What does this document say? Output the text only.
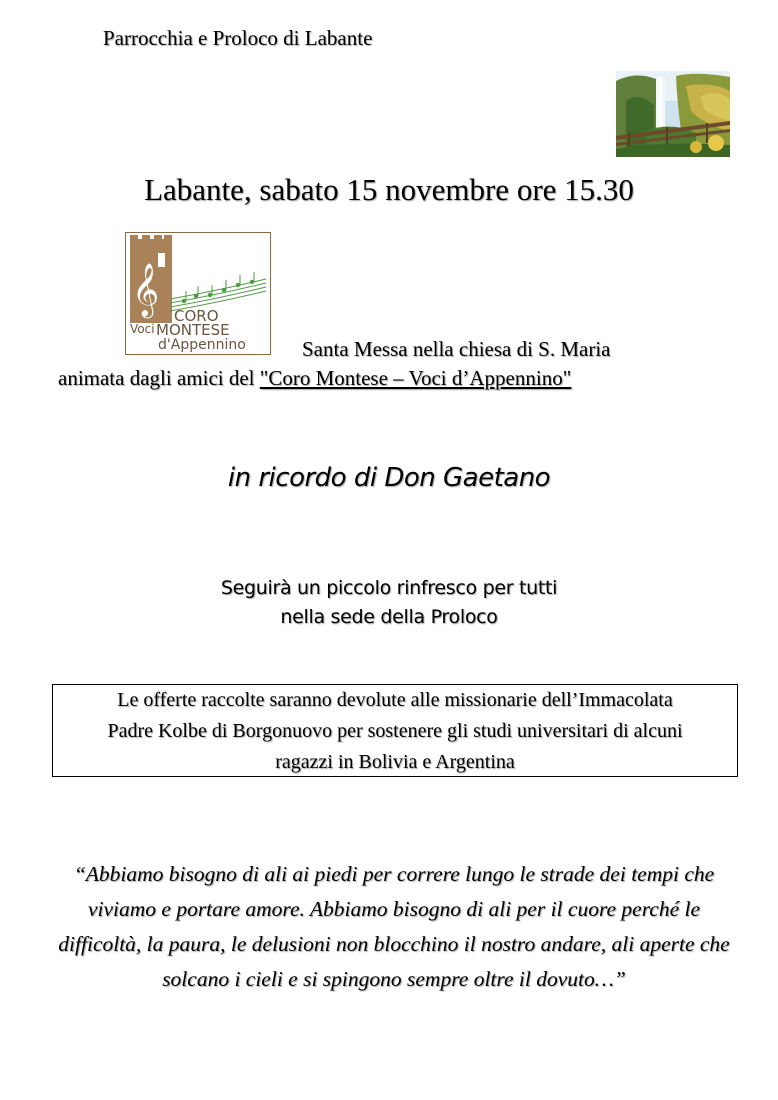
Parrocchia e Proloco di Labante
Labante, sabato 15 novembre ore 15.30
𝄞 CORO
Voci MONTESE
d'Appennino	Santa Messa nella chiesa di S. Maria
animata dagli amici del "Coro Montese – Voci d’Appennino"
in ricordo di Don Gaetano
Seguirà un piccolo rinfresco per tutti
nella sede della Proloco
Le offerte raccolte saranno devolute alle missionarie dell’Immacolata
Padre Kolbe di Borgonuovo per sostenere gli studi universitari di alcuni
ragazzi in Bolivia e Argentina
“Abbiamo bisogno di ali ai piedi per correre lungo le strade dei tempi che viviamo e portare amore. Abbiamo bisogno di ali per il cuore perché le difficoltà, la paura, le delusioni non blocchino il nostro andare, ali aperte che solcano i cieli e si spingono sempre oltre il dovuto…”
